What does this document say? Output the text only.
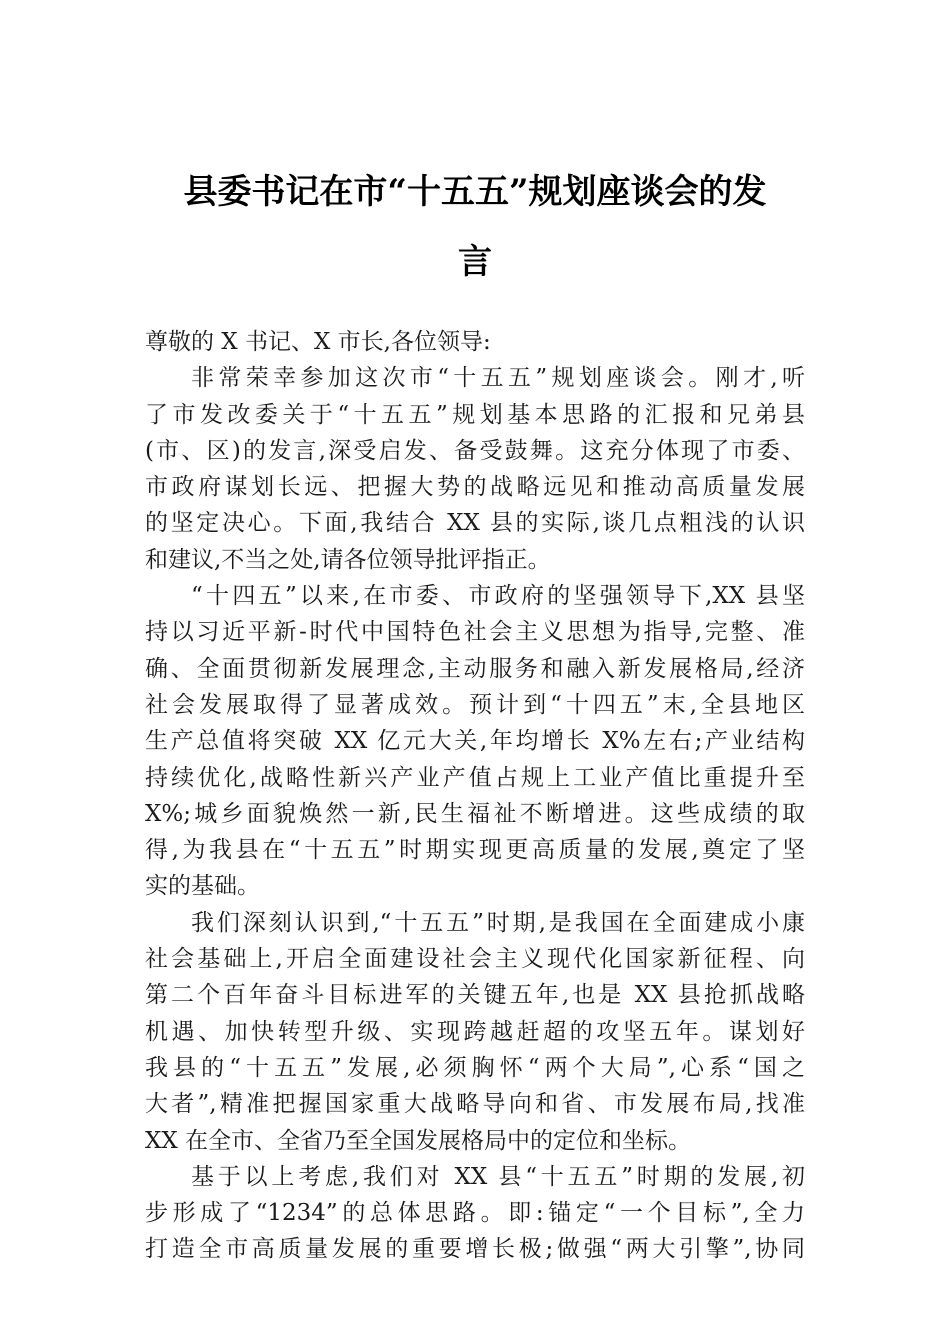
县委书记在市“十五五”规划座谈会的发
言
尊敬的 X 书记、X 市长,各位领导:
非常荣幸参加这次市“十五五”规划座谈会。刚才,听
了市发改委关于“十五五”规划基本思路的汇报和兄弟县
(市、区)的发言,深受启发、备受鼓舞。这充分体现了市委、
市政府谋划长远、把握大势的战略远见和推动高质量发展
的坚定决心。下面,我结合 XX 县的实际,谈几点粗浅的认识
和建议,不当之处,请各位领导批评指正。
“十四五”以来,在市委、市政府的坚强领导下,XX 县坚
持以习近平新-时代中国特色社会主义思想为指导,完整、准
确、全面贯彻新发展理念,主动服务和融入新发展格局,经济
社会发展取得了显著成效。预计到“十四五”末,全县地区
生产总值将突破 XX 亿元大关,年均增长 X%左右;产业结构
持续优化,战略性新兴产业产值占规上工业产值比重提升至
X%;城乡面貌焕然一新,民生福祉不断增进。这些成绩的取
得,为我县在“十五五”时期实现更高质量的发展,奠定了坚
实的基础。
我们深刻认识到,“十五五”时期,是我国在全面建成小康
社会基础上,开启全面建设社会主义现代化国家新征程、向
第二个百年奋斗目标进军的关键五年,也是 XX 县抢抓战略
机遇、加快转型升级、实现跨越赶超的攻坚五年。谋划好
我县的“十五五”发展,必须胸怀“两个大局”,心系“国之
大者”,精准把握国家重大战略导向和省、市发展布局,找准
XX 在全市、全省乃至全国发展格局中的定位和坐标。
基于以上考虑,我们对 XX 县“十五五”时期的发展,初
步形成了“1234”的总体思路。即:锚定“一个目标”,全力
打造全市高质量发展的重要增长极;做强“两大引擎”,协同
